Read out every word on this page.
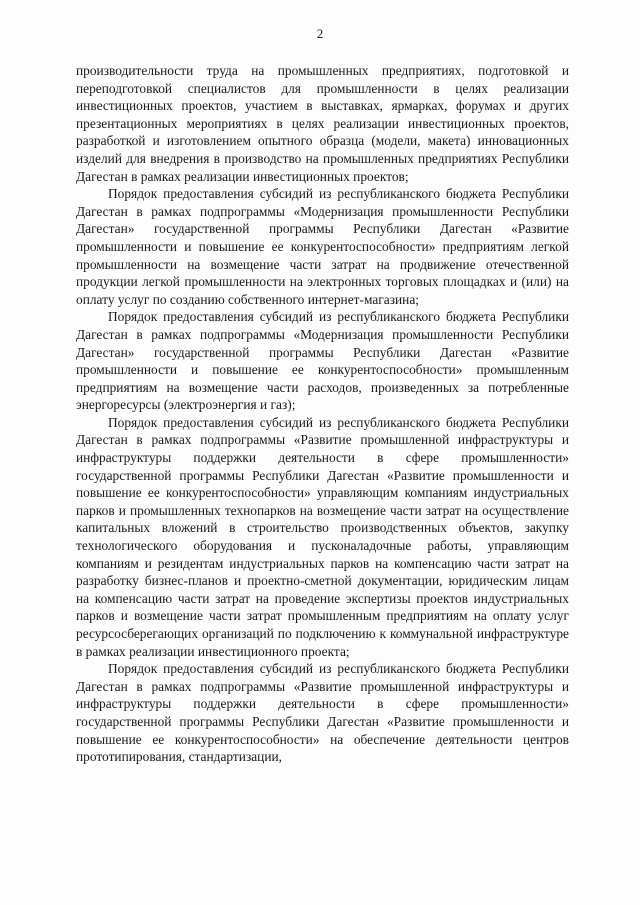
2

производительности труда на промышленных предприятиях, подготовкой и переподготовкой специалистов для промышленности в целях реализации инвестиционных проектов, участием в выставках, ярмарках, форумах и других презентационных мероприятиях в целях реализации инвестиционных проектов, разработкой и изготовлением опытного образца (модели, макета) инновационных изделий для внедрения в производство на промышленных предприятиях Республики Дагестан в рамках реализации инвестиционных проектов;

Порядок предоставления субсидий из республиканского бюджета Республики Дагестан в рамках подпрограммы «Модернизация промышленности Республики Дагестан» государственной программы Республики Дагестан «Развитие промышленности и повышение ее конкурентоспособности» предприятиям легкой промышленности на возмещение части затрат на продвижение отечественной продукции легкой промышленности на электронных торговых площадках и (или) на оплату услуг по созданию собственного интернет-магазина;

Порядок предоставления субсидий из республиканского бюджета Республики Дагестан в рамках подпрограммы «Модернизация промышленности Республики Дагестан» государственной программы Республики Дагестан «Развитие промышленности и повышение ее конкурентоспособности» промышленным предприятиям на возмещение части расходов, произведенных за потребленные энергоресурсы (электроэнергия и газ);

Порядок предоставления субсидий из республиканского бюджета Республики Дагестан в рамках подпрограммы «Развитие промышленной инфраструктуры и инфраструктуры поддержки деятельности в сфере промышленности» государственной программы Республики Дагестан «Развитие промышленности и повышение ее конкурентоспособности» управляющим компаниям индустриальных парков и промышленных технопарков на возмещение части затрат на осуществление капитальных вложений в строительство производственных объектов, закупку технологического оборудования и пусконаладочные работы, управляющим компаниям и резидентам индустриальных парков на компенсацию части затрат на разработку бизнес-планов и проектно-сметной документации, юридическим лицам на компенсацию части затрат на проведение экспертизы проектов индустриальных парков и возмещение части затрат промышленным предприятиям на оплату услуг ресурсосберегающих организаций по подключению к коммунальной инфраструктуре в рамках реализации инвестиционного проекта;

Порядок предоставления субсидий из республиканского бюджета Республики Дагестан в рамках подпрограммы «Развитие промышленной инфраструктуры и инфраструктуры поддержки деятельности в сфере промышленности» государственной программы Республики Дагестан «Развитие промышленности и повышение ее конкурентоспособности» на обеспечение деятельности центров прототипирования, стандартизации,
